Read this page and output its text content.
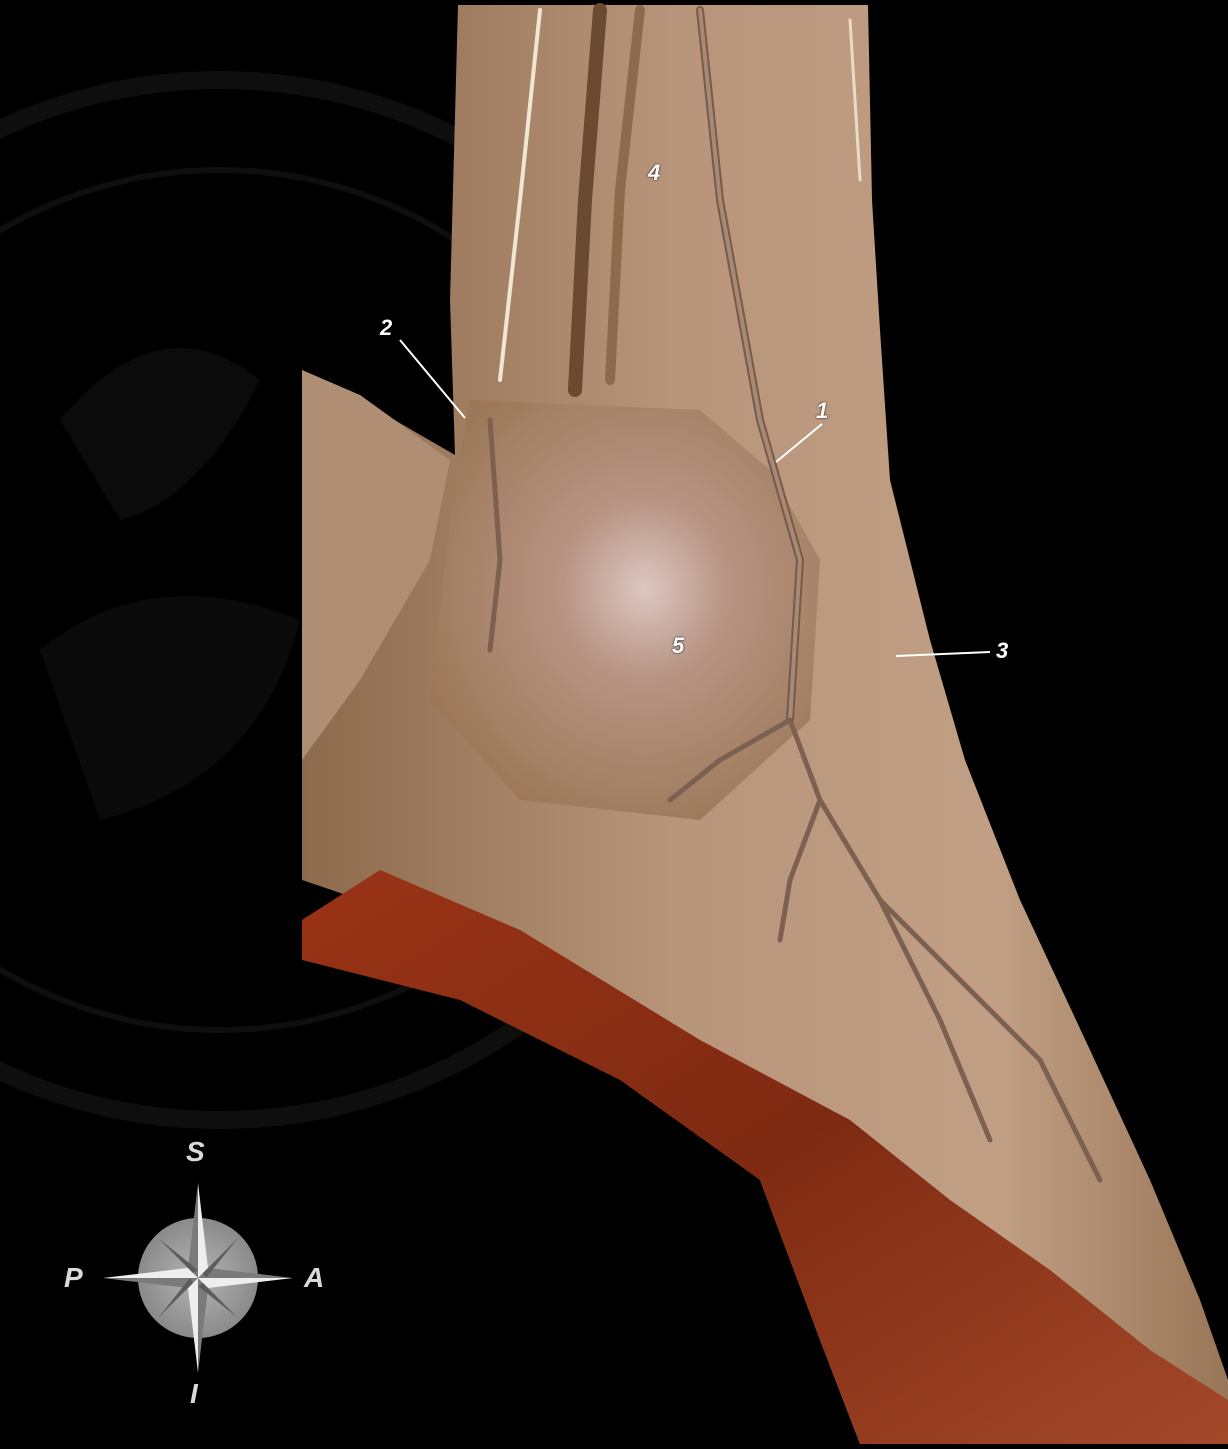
1
2
3
4
5
S
I
P	A
